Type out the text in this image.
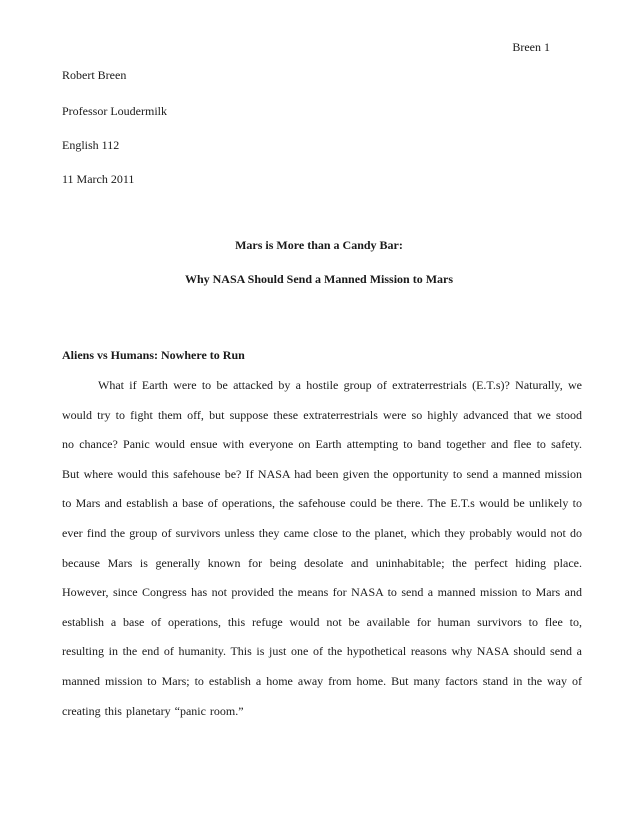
Breen 1
Robert Breen
Professor Loudermilk
English 112
11 March 2011
Mars is More than a Candy Bar:
Why NASA Should Send a Manned Mission to Mars
Aliens vs Humans: Nowhere to Run
What if Earth were to be attacked by a hostile group of extraterrestrials (E.T.s)? Naturally, we
would try to fight them off, but suppose these extraterrestrials were so highly advanced that we stood
no chance? Panic would ensue with everyone on Earth attempting to band together and flee to safety.
But where would this safehouse be? If NASA had been given the opportunity to send a manned mission
to Mars and establish a base of operations, the safehouse could be there. The E.T.s would be unlikely to
ever find the group of survivors unless they came close to the planet, which they probably would not do
because Mars is generally known for being desolate and uninhabitable; the perfect hiding place.
However, since Congress has not provided the means for NASA to send a manned mission to Mars and
establish a base of operations, this refuge would not be available for human survivors to flee to,
resulting in the end of humanity. This is just one of the hypothetical reasons why NASA should send a
manned mission to Mars; to establish a home away from home. But many factors stand in the way of
creating this planetary “panic room.”
